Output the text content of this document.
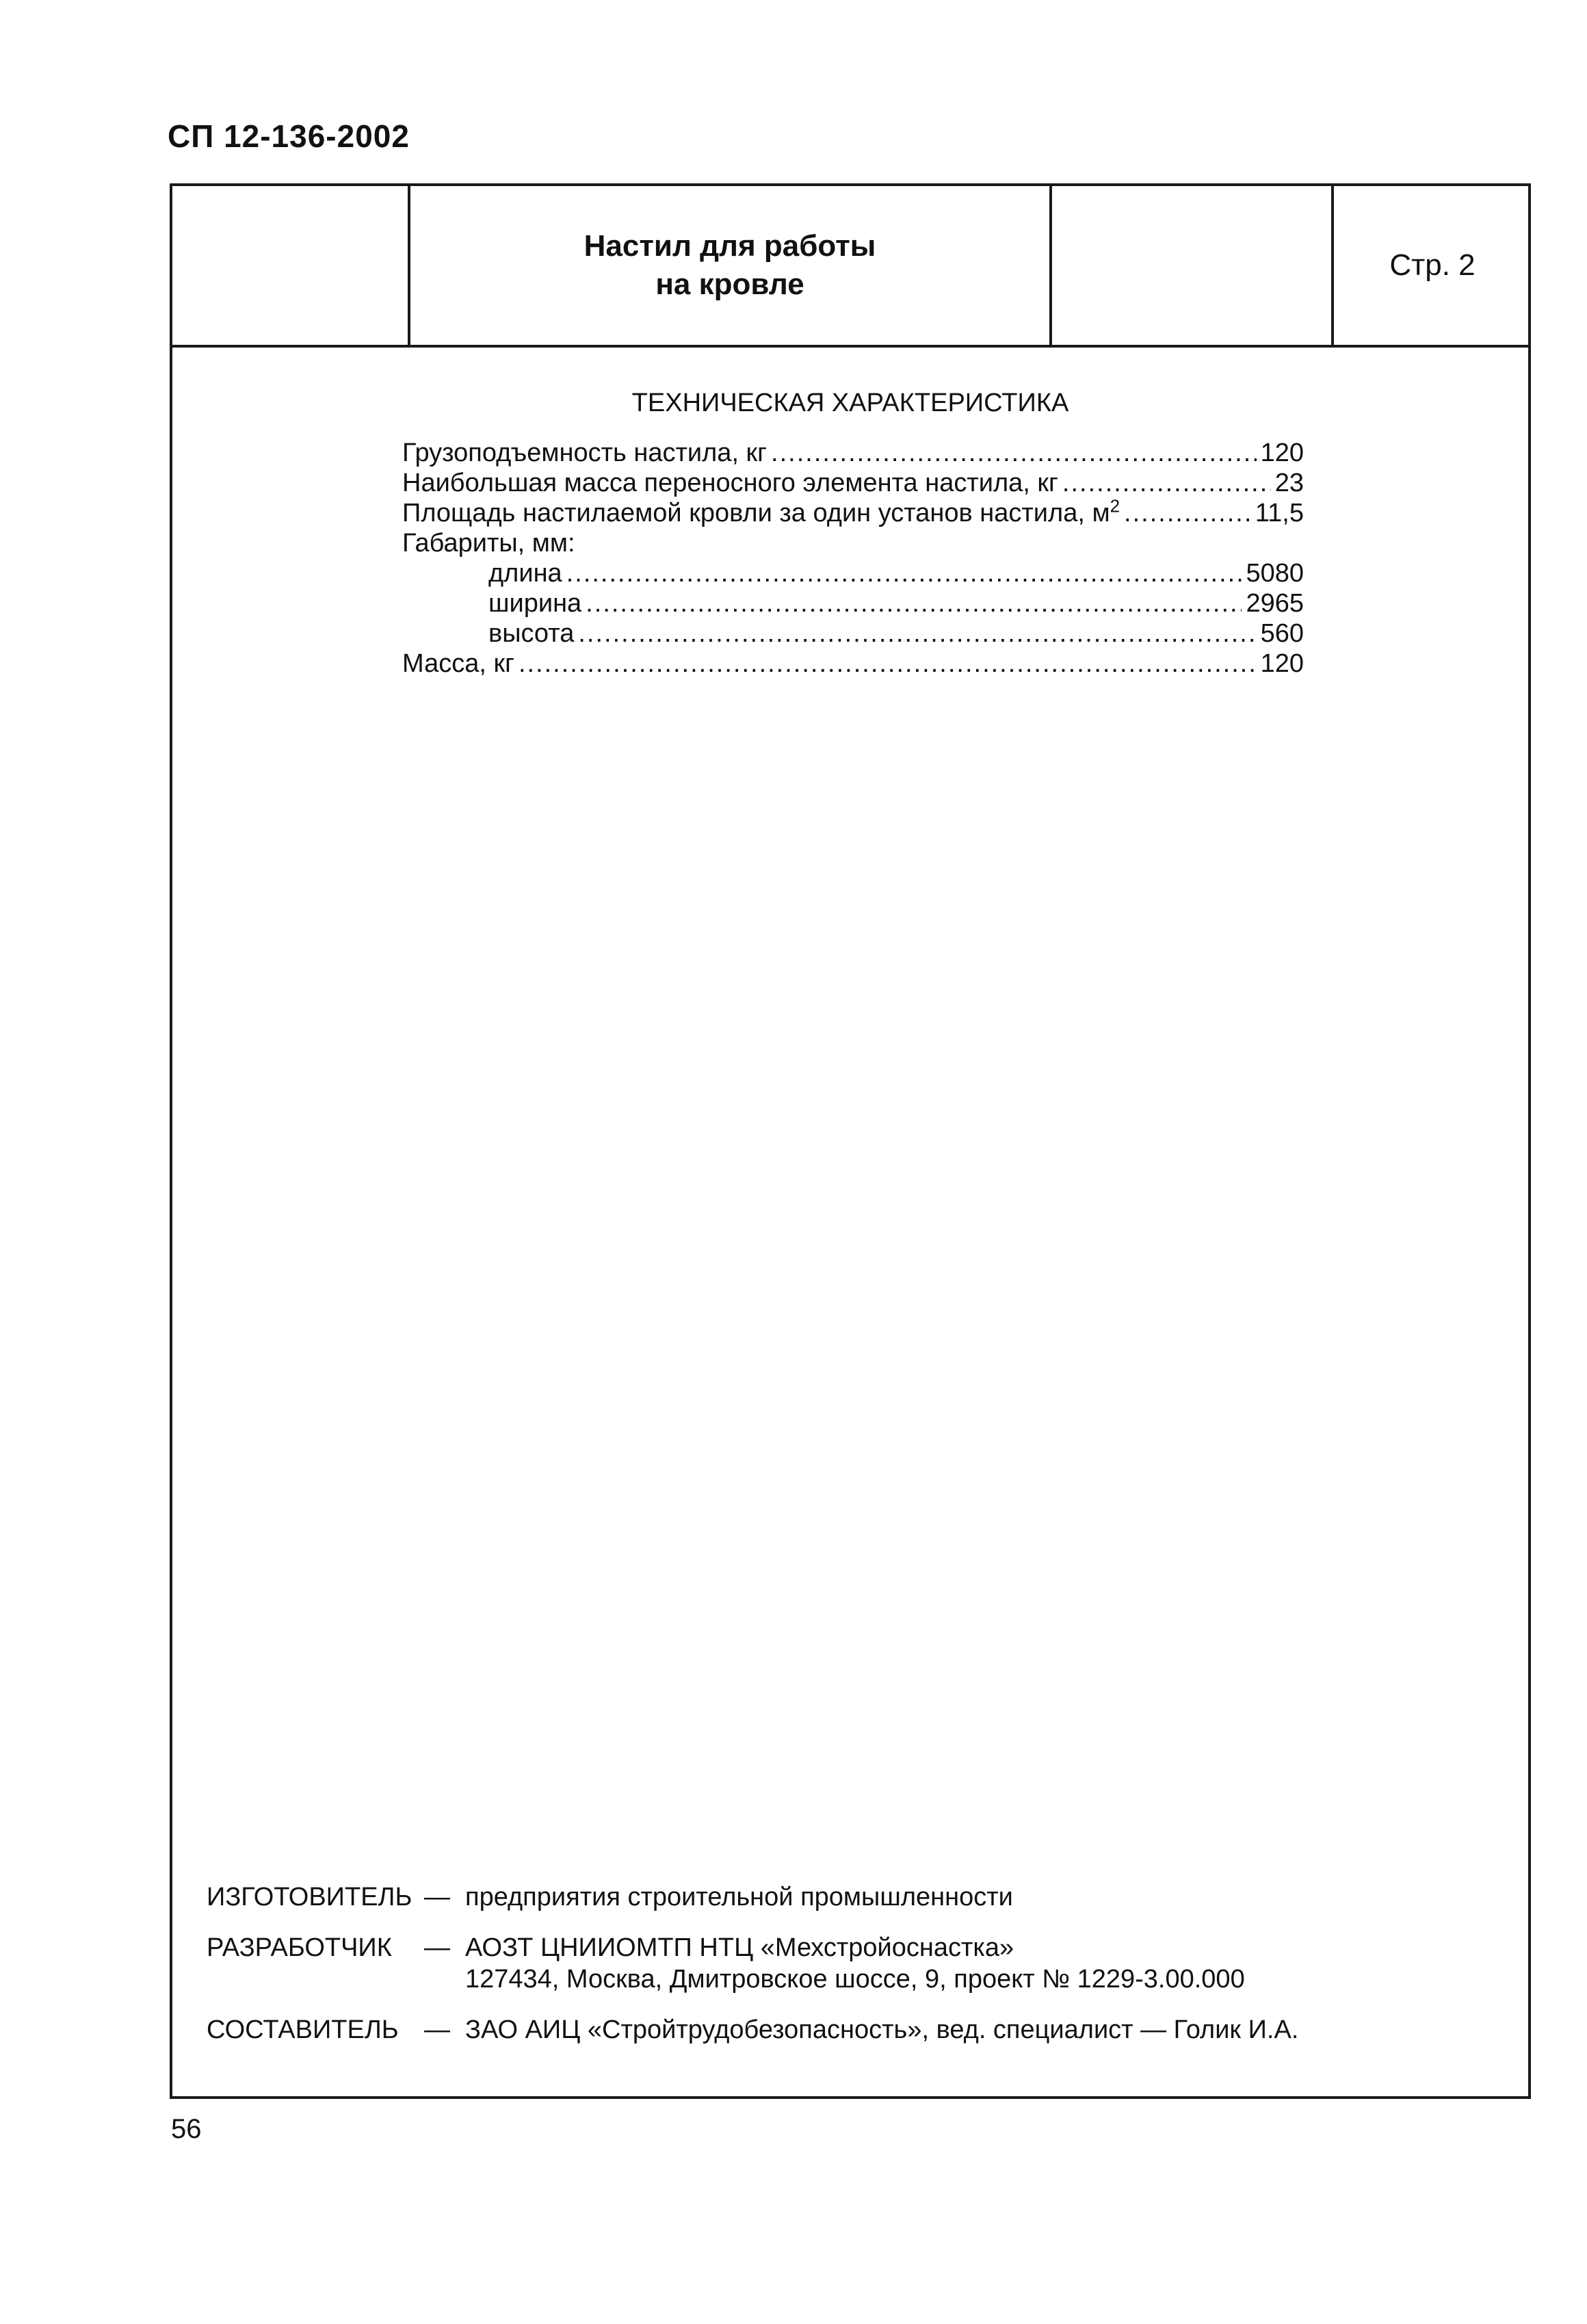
СП 12-136-2002
Настил для работы
на кровле
Стр. 2
ТЕХНИЧЕСКАЯ ХАРАКТЕРИСТИКА
Грузоподъемность настила, кг .....	120
Наибольшая масса переносного элемента настила, кг .....	23
Площадь настилаемой кровли за один установ настила, $м^2$ .....	11,5
Габариты, мм:
длина .....	5080
ширина .....	2965
высота .....	560
Масса, кг .....	120
ИЗГОТОВИТЕЛЬ — предприятия строительной промышленности
РАЗРАБОТЧИК	— АОЗТ ЦНИИОМТП НТЦ «Мехстройоснастка»
127434, Москва, Дмитровское шоссе, 9, проект № 1229-3.00.000
СОСТАВИТЕЛЬ — ЗАО АИЦ «Стройтрудобезопасность», вед. специалист — Голик И.А.
56
